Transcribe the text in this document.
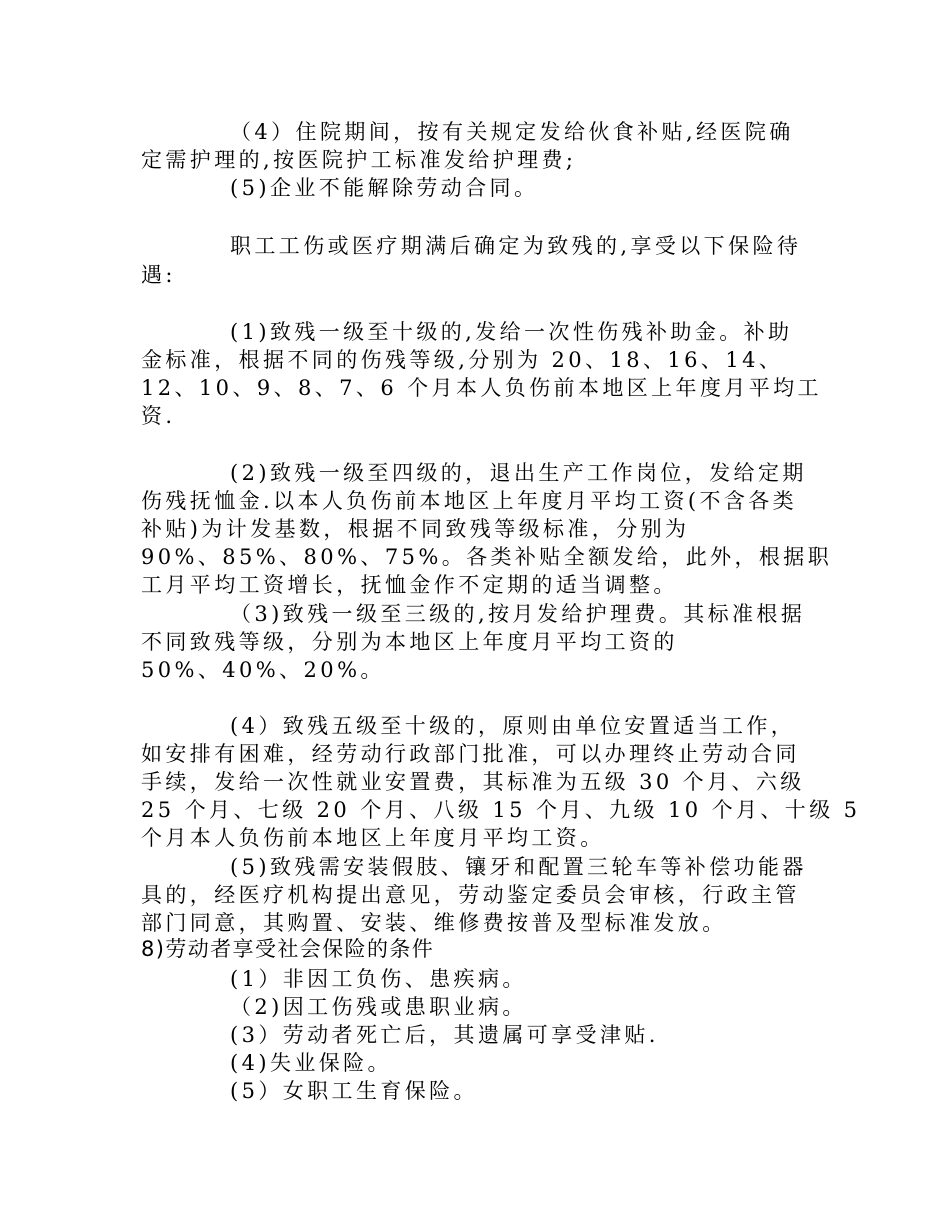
（4）住院期间，按有关规定发给伙食补贴,经医院确

定需护理的,按医院护工标准发给护理费;

(5)企业不能解除劳动合同。

职工工伤或医疗期满后确定为致残的,享受以下保险待

遇:

(1)致残一级至十级的,发给一次性伤残补助金。补助

金标准，根据不同的伤残等级,分别为 20、18、16、14、

12、10、9、8、7、6 个月本人负伤前本地区上年度月平均工

资.

(2)致残一级至四级的，退出生产工作岗位，发给定期

伤残抚恤金.以本人负伤前本地区上年度月平均工资(不含各类

补贴)为计发基数，根据不同致残等级标准，分别为

90%、85%、80%、75%。各类补贴全额发给，此外，根据职

工月平均工资增长，抚恤金作不定期的适当调整。

（3)致残一级至三级的,按月发给护理费。其标准根据

不同致残等级，分别为本地区上年度月平均工资的

50%、40%、20%。

(4）致残五级至十级的，原则由单位安置适当工作，

如安排有困难，经劳动行政部门批准，可以办理终止劳动合同

手续，发给一次性就业安置费，其标准为五级 30 个月、六级

25 个月、七级 20 个月、八级 15 个月、九级 10 个月、十级 5

个月本人负伤前本地区上年度月平均工资。

(5)致残需安装假肢、镶牙和配置三轮车等补偿功能器

具的，经医疗机构提出意见，劳动鉴定委员会审核，行政主管

部门同意，其购置、安装、维修费按普及型标准发放。

8)劳动者享受社会保险的条件

(1）非因工负伤、患疾病。

（2)因工伤残或患职业病。

(3）劳动者死亡后，其遗属可享受津贴.

(4)失业保险。

(5）女职工生育保险。
